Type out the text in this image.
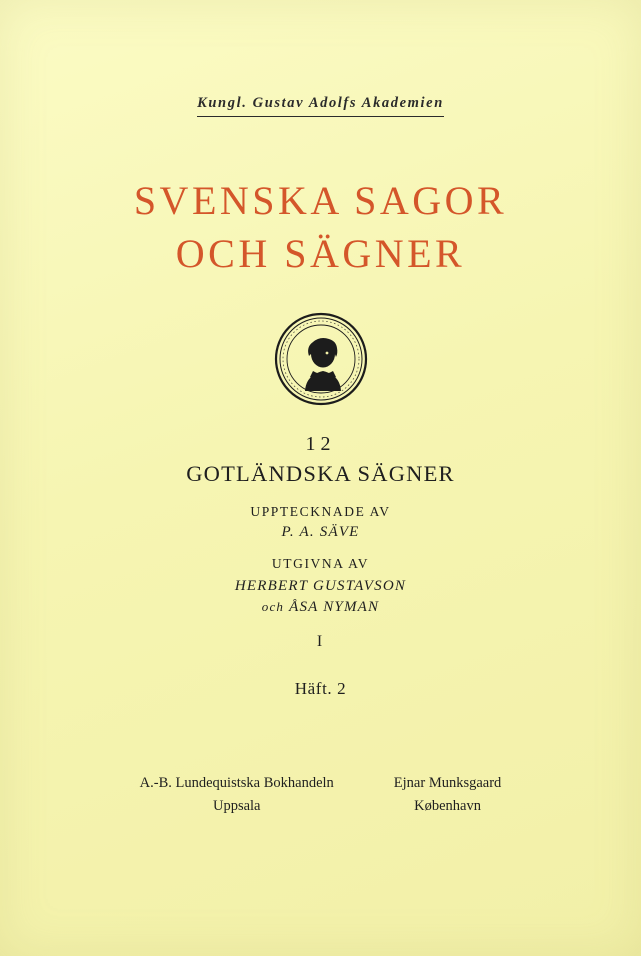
Kungl. Gustav Adolfs Akademien
SVENSKA SAGOR
OCH SÄGNER
12
GOTLÄNDSKA SÄGNER
UPPTECKNADE AV
P. A. SÄVE
UTGIVNA AV
HERBERT GUSTAVSON
och ÅSA NYMAN
I
Häft. 2
A.-B. Lundequistska Bokhandeln
Uppsala
Ejnar Munksgaard
København
